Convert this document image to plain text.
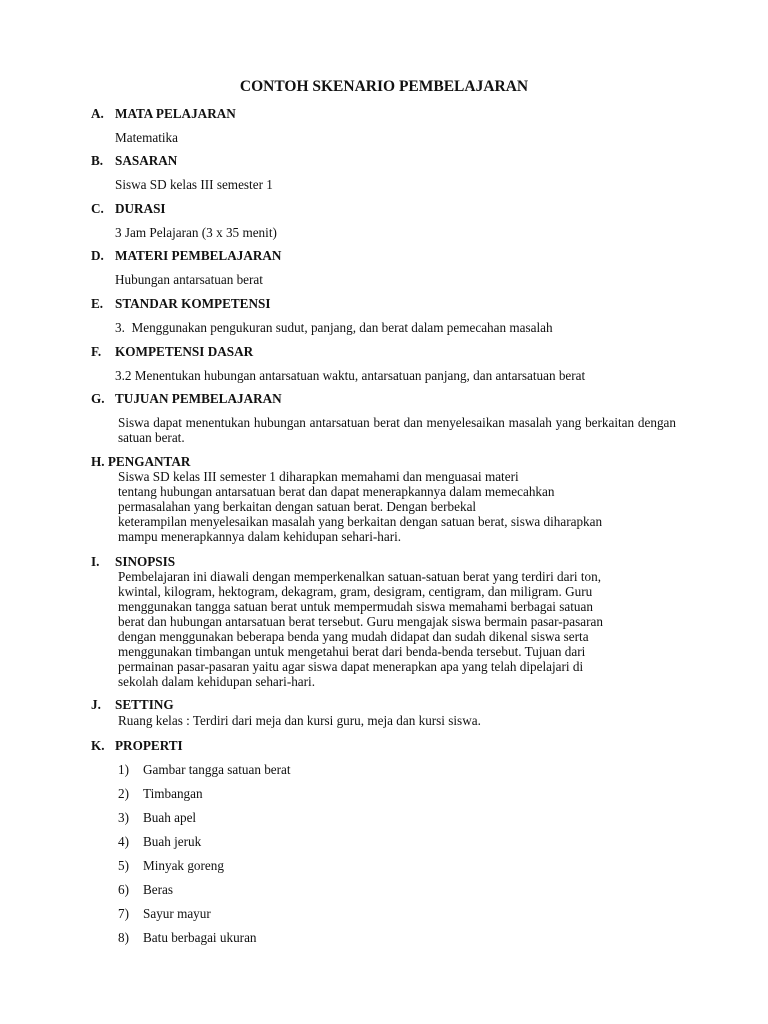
CONTOH SKENARIO PEMBELAJARAN
A. MATA PELAJARAN
Matematika
B. SASARAN
Siswa SD kelas III semester 1
C. DURASI
3 Jam Pelajaran (3 x 35 menit)
D. MATERI PEMBELAJARAN
Hubungan antarsatuan berat
E. STANDAR KOMPETENSI
3.  Menggunakan pengukuran sudut, panjang, dan berat dalam pemecahan masalah
F. KOMPETENSI DASAR
3.2 Menentukan hubungan antarsatuan waktu, antarsatuan panjang, dan antarsatuan berat
G. TUJUAN PEMBELAJARAN
Siswa dapat menentukan hubungan antarsatuan berat dan menyelesaikan masalah yang berkaitan dengan satuan berat.
H. PENGANTAR
Siswa SD kelas III semester 1 diharapkan memahami dan menguasai materi
tentang hubungan antarsatuan berat dan dapat menerapkannya dalam memecahkan
permasalahan yang berkaitan dengan satuan berat. Dengan berbekal
keterampilan menyelesaikan masalah yang berkaitan dengan satuan berat, siswa diharapkan
mampu menerapkannya dalam kehidupan sehari-hari.
I. SINOPSIS
Pembelajaran ini diawali dengan memperkenalkan satuan-satuan berat yang terdiri dari ton,
kwintal, kilogram, hektogram, dekagram, gram, desigram, centigram, dan miligram. Guru
menggunakan tangga satuan berat untuk mempermudah siswa memahami berbagai satuan
berat dan hubungan antarsatuan berat tersebut. Guru mengajak siswa bermain pasar-pasaran
dengan menggunakan beberapa benda yang mudah didapat dan sudah dikenal siswa serta
menggunakan timbangan untuk mengetahui berat dari benda-benda tersebut. Tujuan dari
permainan pasar-pasaran yaitu agar siswa dapat menerapkan apa yang telah dipelajari di
sekolah dalam kehidupan sehari-hari.
J. SETTING
Ruang kelas : Terdiri dari meja dan kursi guru, meja dan kursi siswa.
K. PROPERTI
1) Gambar tangga satuan berat
2) Timbangan
3) Buah apel
4) Buah jeruk
5) Minyak goreng
6) Beras
7) Sayur mayur
8) Batu berbagai ukuran
